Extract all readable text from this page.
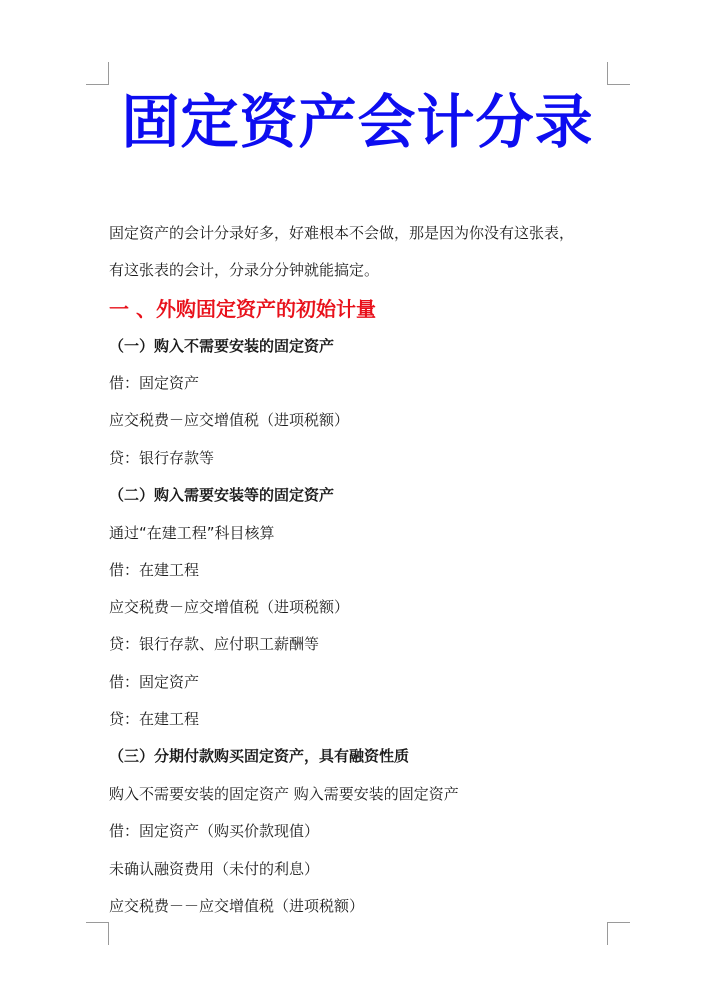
固定资产会计分录
固定资产的会计分录好多，好难根本不会做，那是因为你没有这张表，
有这张表的会计，分录分分钟就能搞定。
一 、外购固定资产的初始计量
（一）购入不需要安装的固定资产
借：固定资产
应交税费－应交增值税（进项税额）
贷：银行存款等
（二）购入需要安装等的固定资产
通过“在建工程”科目核算
借：在建工程
应交税费－应交增值税（进项税额）
贷：银行存款、应付职工薪酬等
借：固定资产
贷：在建工程
（三）分期付款购买固定资产，具有融资性质
购入不需要安装的固定资产 购入需要安装的固定资产
借：固定资产（购买价款现值）
未确认融资费用（未付的利息）
应交税费－－应交增值税（进项税额）
